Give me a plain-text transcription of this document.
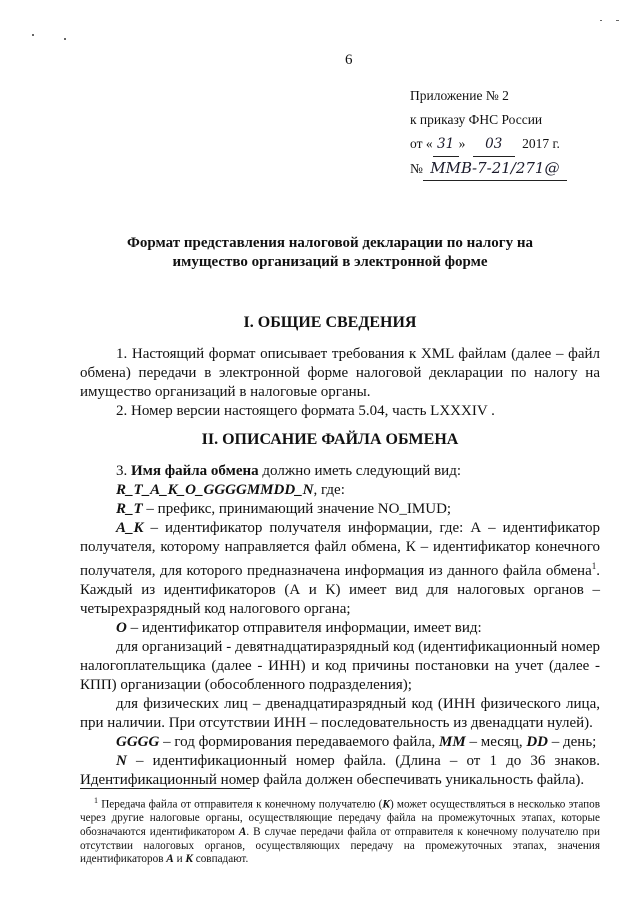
6
Приложение № 2
к приказу ФНС России
от « 31 » 03 2017 г.
№ ММВ-7-21/271@
Формат представления налоговой декларации по налогу на
имущество организаций в электронной форме
I. ОБЩИЕ СВЕДЕНИЯ

1. Настоящий формат описывает требования к XML файлам (далее – файл обмена) передачи в электронной форме налоговой декларации по налогу на имущество организаций в налоговые органы.

2. Номер версии настоящего формата 5.04, часть LXXXIV .

II. ОПИСАНИЕ ФАЙЛА ОБМЕНА

3. Имя файла обмена должно иметь следующий вид:

R_T_A_K_O_GGGGMMDD_N, где:

R_T – префикс, принимающий значение NO_IMUD;

A_K – идентификатор получателя информации, где: А – идентификатор получателя, которому направляется файл обмена, К – идентификатор конечного получателя, для которого предназначена информация из данного файла обмена$^1$. Каждый из идентификаторов (А и К) имеет вид для налоговых органов – четырехразрядный код налогового органа;

O – идентификатор отправителя информации, имеет вид:

для организаций - девятнадцатиразрядный код (идентификационный номер налогоплательщика (далее - ИНН) и код причины постановки на учет (далее - КПП) организации (обособленного подразделения);

для физических лиц – двенадцатиразрядный код (ИНН физического лица, при наличии. При отсутствии ИНН – последовательность из двенадцати нулей).

GGGG – год формирования передаваемого файла, MM – месяц, DD – день;

N – идентификационный номер файла. (Длина – от 1 до 36 знаков. Идентификационный номер файла должен обеспечивать уникальность файла).

$^1$ Передача файла от отправителя к конечному получателю (К) может осуществляться в несколько этапов через другие налоговые органы, осуществляющие передачу файла на промежуточных этапах, которые обозначаются идентификатором А. В случае передачи файла от отправителя к конечному получателю при отсутствии налоговых органов, осуществляющих передачу на промежуточных этапах, значения идентификаторов А и К совпадают.
